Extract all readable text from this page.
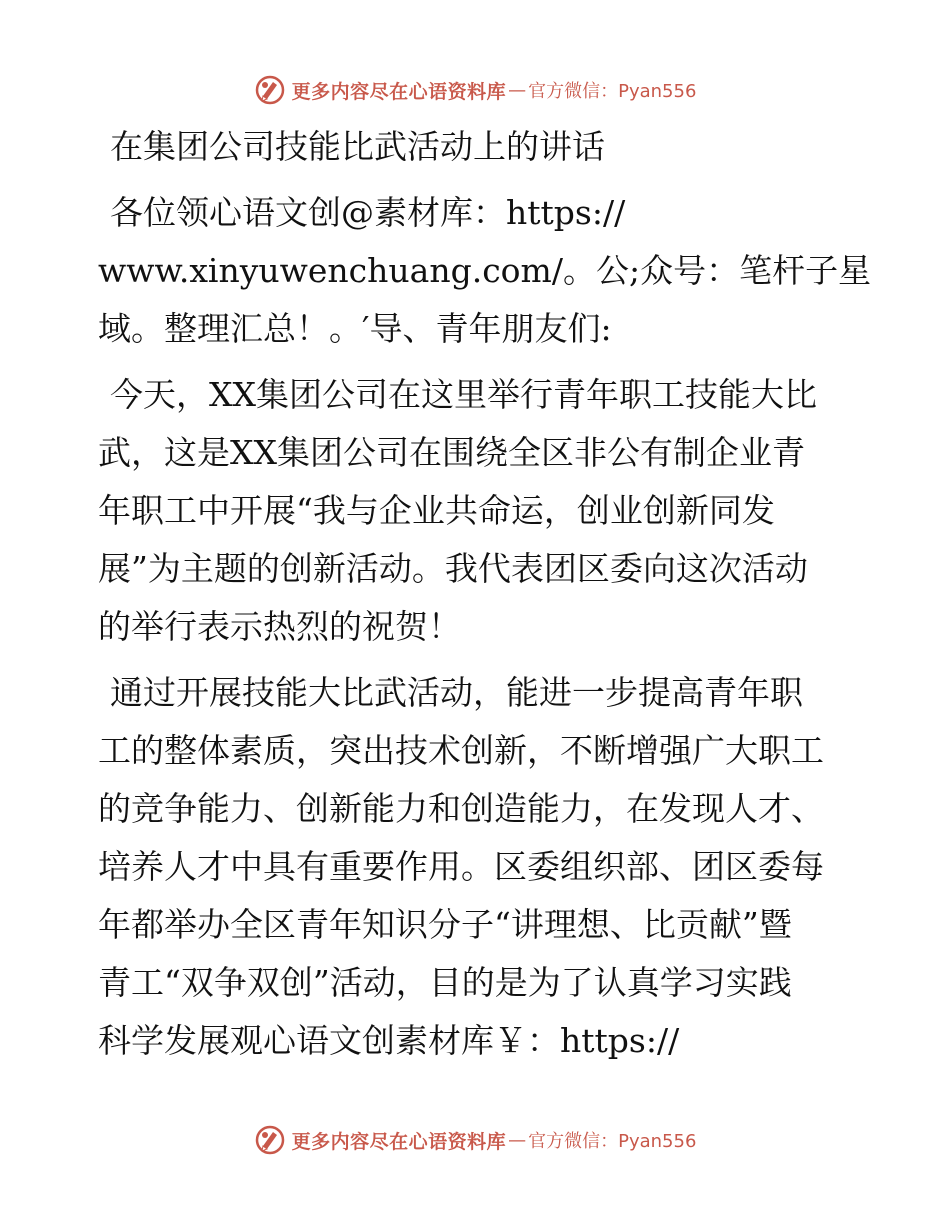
更多内容尽在心语资料库 — 官方微信：Pyan556
在集团公司技能比武活动上的讲话
各位领心语文创@素材库：https://
www.xinyuwenchuang.com/。公;众号：笔杆子星
域。整理汇总！。′导、青年朋友们:
今天，XX集团公司在这里举行青年职工技能大比
武，这是XX集团公司在围绕全区非公有制企业青
年职工中开展“我与企业共命运，创业创新同发
展”为主题的创新活动。我代表团区委向这次活动
的举行表示热烈的祝贺！
通过开展技能大比武活动，能进一步提高青年职
工的整体素质，突出技术创新，不断增强广大职工
的竞争能力、创新能力和创造能力，在发现人才、
培养人才中具有重要作用。区委组织部、团区委每
年都举办全区青年知识分子“讲理想、比贡献”暨
青工“双争双创”活动，目的是为了认真学习实践
科学发展观心语文创素材库￥：https://
更多内容尽在心语资料库 — 官方微信：Pyan556
